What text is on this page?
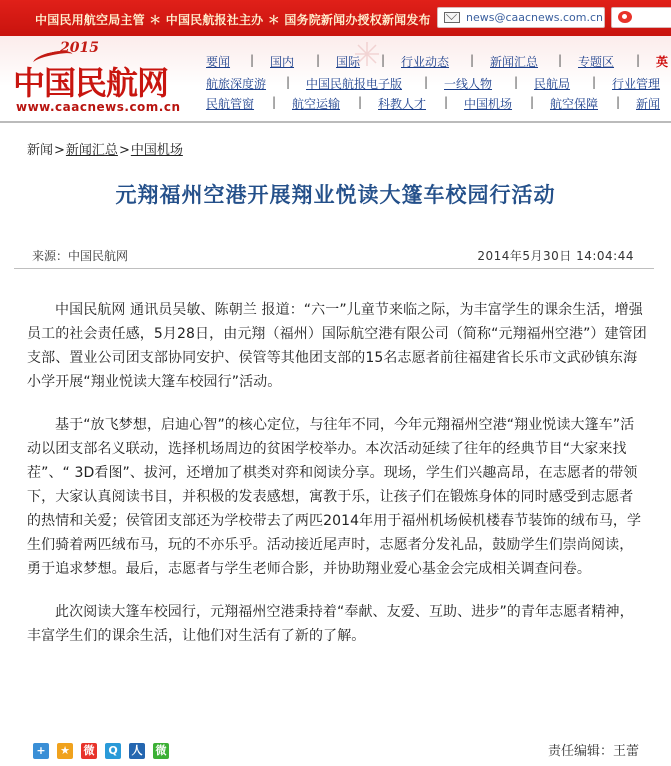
中国民用航空局主管 ＊ 中国民航报社主办 ＊ 国务院新闻办授权新闻发布	news@caacnews.com.cn
2015
中国民航网
www.caacnews.com.cn
要闻 | 国内 | 国际 | 行业动态 | 新闻汇总 | 专题区 | 英
航旅深度游 | 中国民航报电子版 | 一线人物 | 民航局 | 行业管理
民航管窗 | 航空运输 | 科教人才 | 中国机场 | 航空保障 | 新闻
新闻>新闻汇总>中国机场
元翔福州空港开展翔业悦读大篷车校园行活动
来源：中国民航网	2014年5月30日 14:04:44

中国民航网 通讯员吴敏、陈朝兰 报道：“六一”儿童节来临之际，为丰富学生的课余生活，增强员工的社会责任感，5月28日，由元翔（福州）国际航空港有限公司（简称“元翔福州空港”）建管团支部、置业公司团支部协同安护、侯管等其他团支部的15名志愿者前往福建省长乐市文武砂镇东海小学开展“翔业悦读大篷车校园行”活动。

基于“放飞梦想，启迪心智”的核心定位，与往年不同，今年元翔福州空港“翔业悦读大篷车”活动以团支部名义联动，选择机场周边的贫困学校举办。本次活动延续了往年的经典节目“大家来找茬”、“ 3D看图”、拔河，还增加了棋类对弈和阅读分享。现场，学生们兴趣高昂，在志愿者的带领下，大家认真阅读书目，并积极的发表感想，寓教于乐，让孩子们在锻炼身体的同时感受到志愿者的热情和关爱；侯管团支部还为学校带去了两匹2014年用于福州机场候机楼春节装饰的绒布马，学生们骑着两匹绒布马，玩的不亦乐乎。活动接近尾声时，志愿者分发礼品，鼓励学生们崇尚阅读，勇于追求梦想。最后，志愿者与学生老师合影，并协助翔业爱心基金会完成相关调查问卷。

此次阅读大篷车校园行，元翔福州空港秉持着“奉献、友爱、互助、进步”的青年志愿者精神，丰富学生们的课余生活，让他们对生活有了新的了解。

+	★ 微	Q	人 微	责任编辑：王蕾
